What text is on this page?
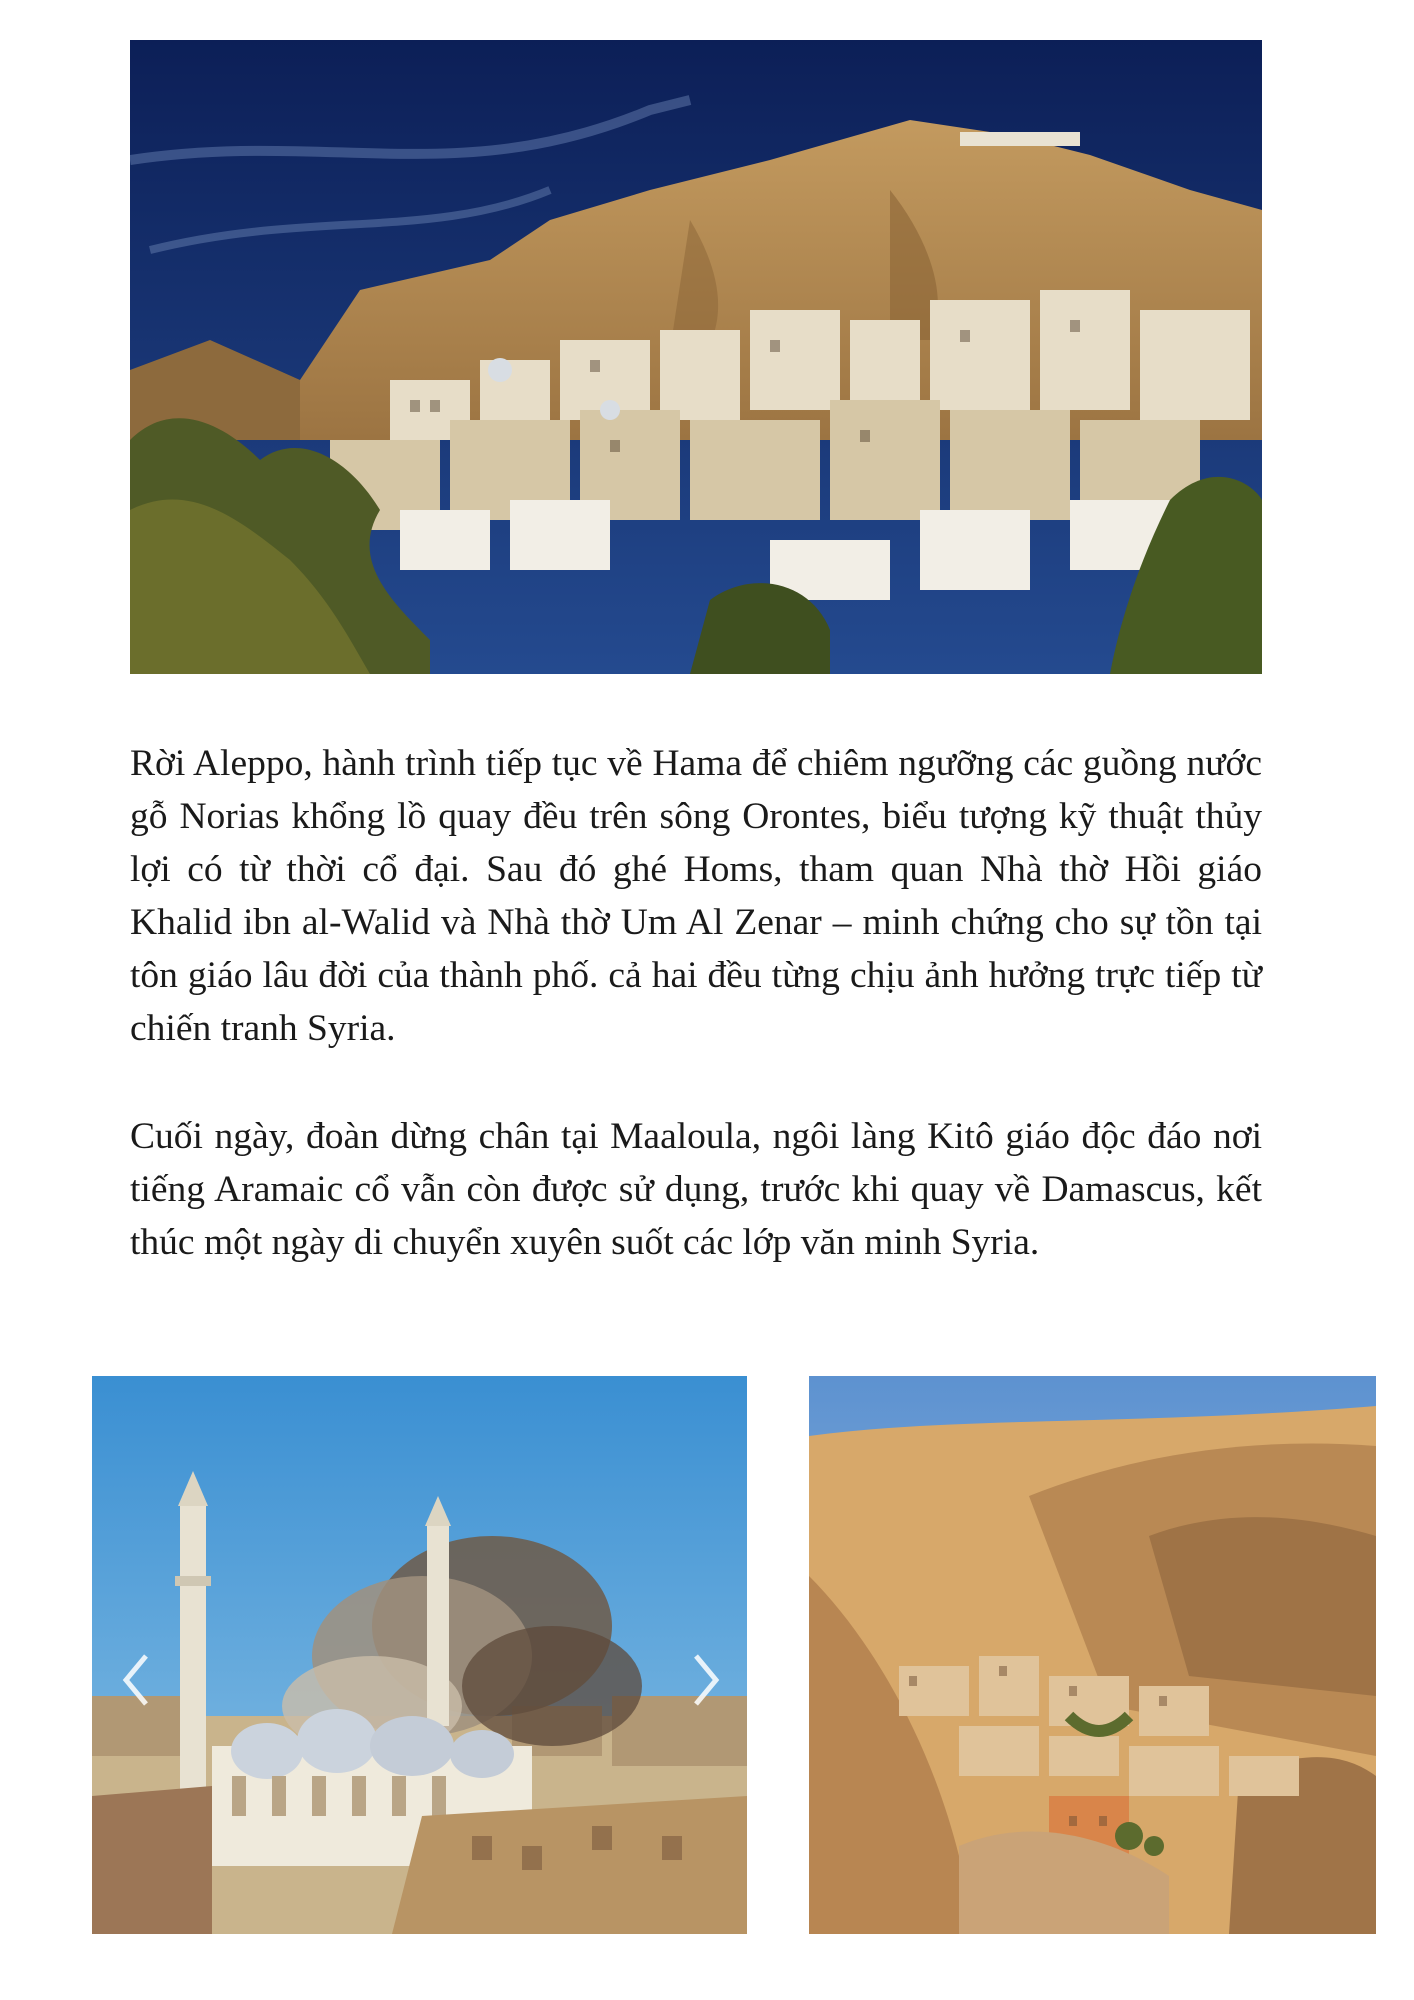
Rời Aleppo, hành trình tiếp tục về Hama để chiêm ngưỡng các guồng nước gỗ Norias khổng lồ quay đều trên sông Orontes, biểu tượng kỹ thuật thủy lợi có từ thời cổ đại. Sau đó ghé Homs, tham quan Nhà thờ Hồi giáo Khalid ibn al-Walid và Nhà thờ Um Al Zenar – minh chứng cho sự tồn tại tôn giáo lâu đời của thành phố. cả hai đều từng chịu ảnh hưởng trực tiếp từ chiến tranh Syria.

Cuối ngày, đoàn dừng chân tại Maaloula, ngôi làng Kitô giáo độc đáo nơi tiếng Aramaic cổ vẫn còn được sử dụng, trước khi quay về Damascus, kết thúc một ngày di chuyển xuyên suốt các lớp văn minh Syria.
